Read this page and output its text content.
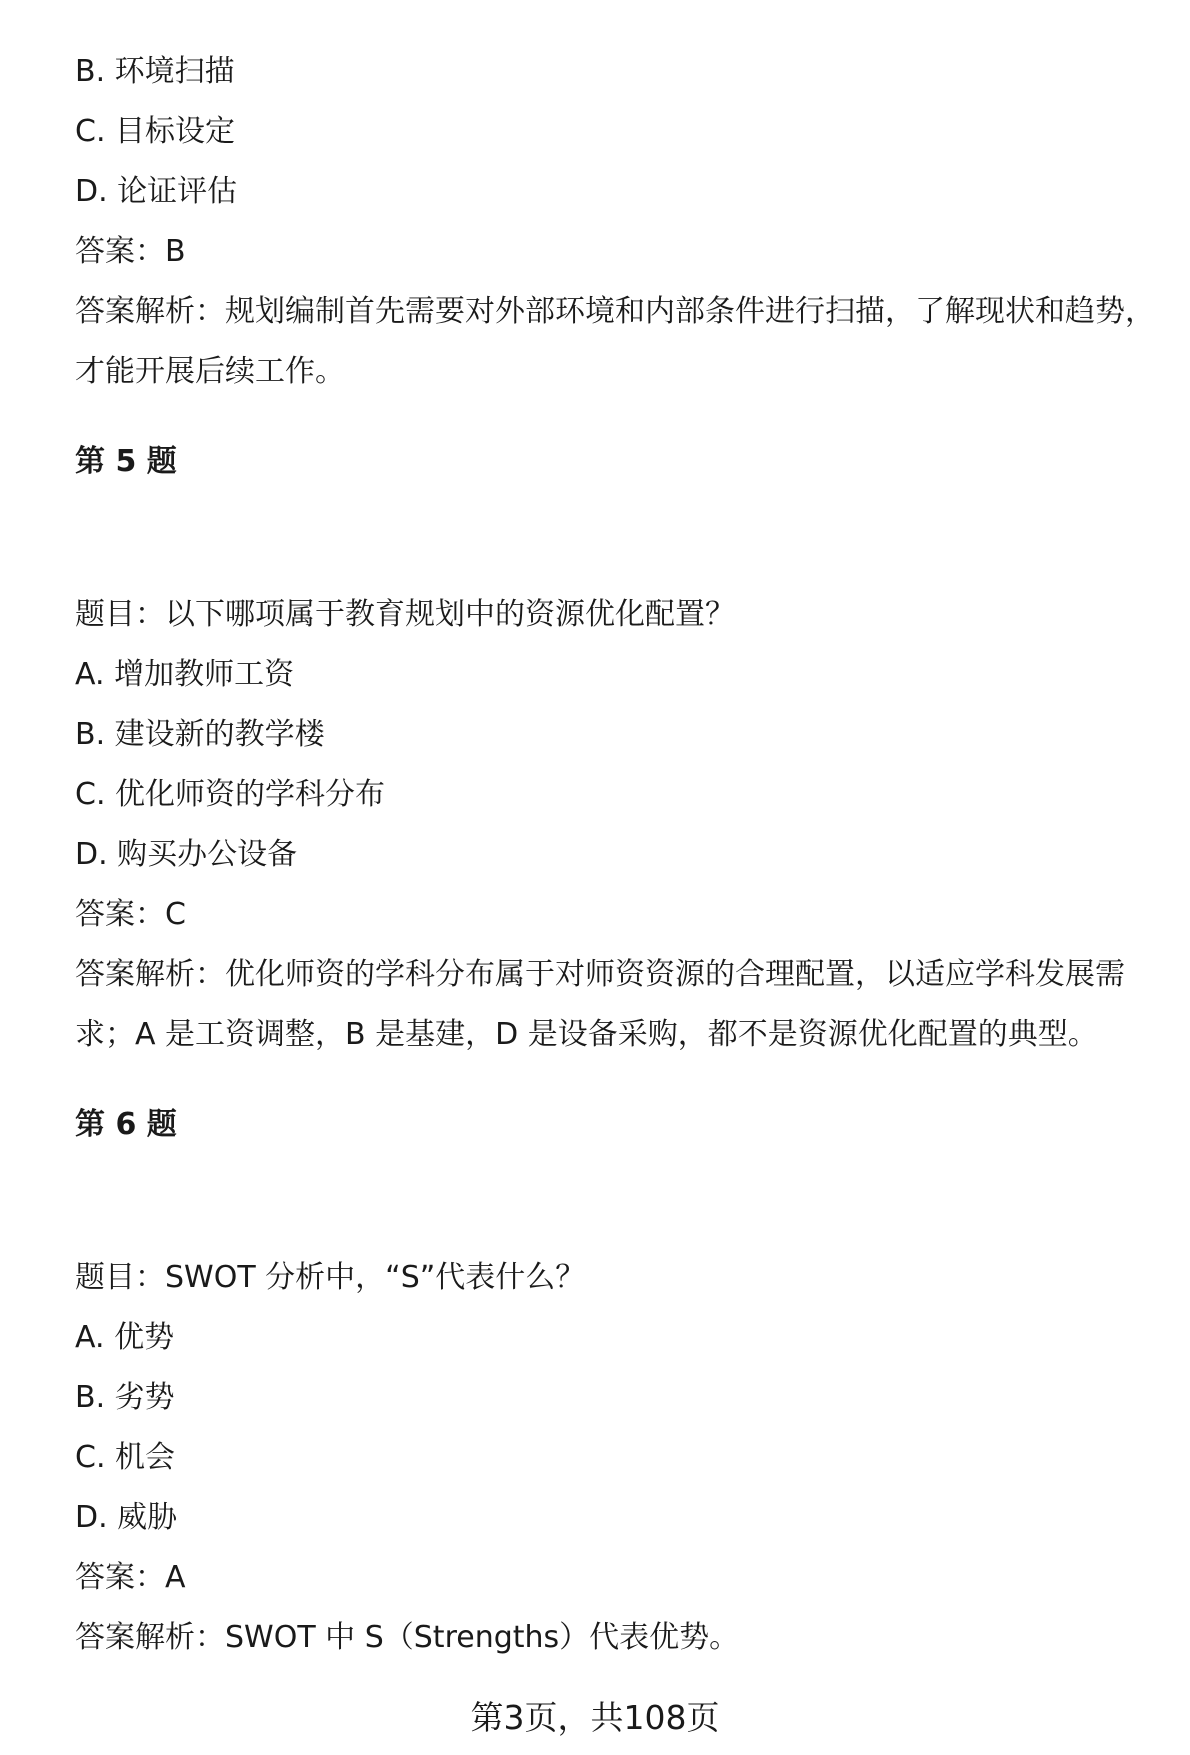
B. 环境扫描
C. 目标设定
D. 论证评估
答案：B
答案解析：规划编制首先需要对外部环境和内部条件进行扫描，了解现状和趋势，
才能开展后续工作。
第 5 题
题目：以下哪项属于教育规划中的资源优化配置？
A. 增加教师工资
B. 建设新的教学楼
C. 优化师资的学科分布
D. 购买办公设备
答案：C
答案解析：优化师资的学科分布属于对师资资源的合理配置，以适应学科发展需
求；A 是工资调整，B 是基建，D 是设备采购，都不是资源优化配置的典型。
第 6 题
题目：SWOT 分析中，“S”代表什么？
A. 优势
B. 劣势
C. 机会
D. 威胁
答案：A
答案解析：SWOT 中 S（Strengths）代表优势。
第3页，共108页
